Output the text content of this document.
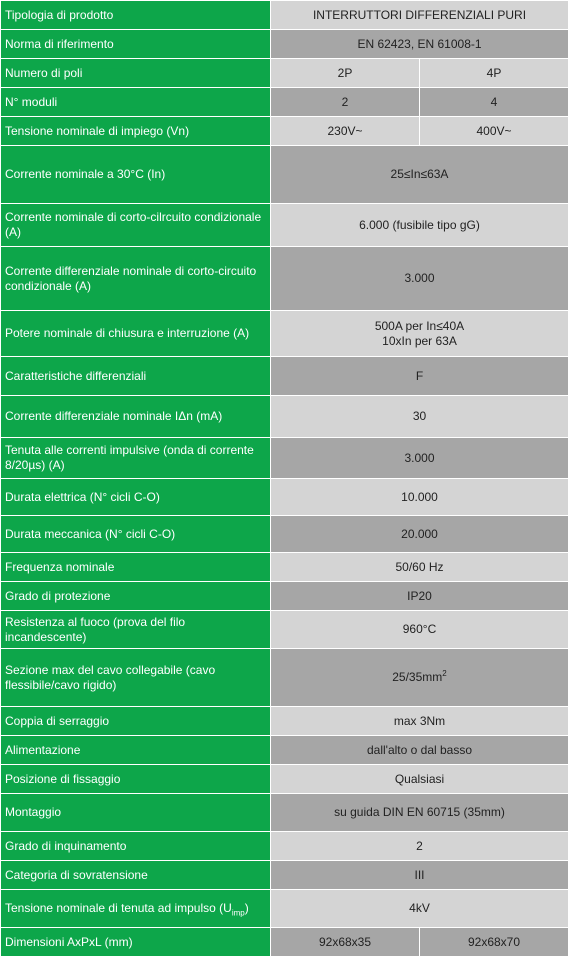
Tipologia di prodotto	INTERRUTTORI DIFFERENZIALI PURI	
Norma di riferimento	EN 62423, EN 61008-1	
Numero di poli	2P	4P
N° moduli	2	4
Tensione nominale di impiego (Vn)	230V~	400V~
Corrente nominale a 30°C (In)	25≤In≤63A	
Corrente nominale di corto-cilrcuito condizionale (A)	6.000 (fusibile tipo gG)	
Corrente differenziale nominale di corto-circuito condizionale (A)	3.000	
Potere nominale di chiusura e interruzione (A)	500A per In≤40A
10xIn per 63A	
Caratteristiche differenziali	F	
Corrente differenziale nominale IΔn (mA)	30	
Tenuta alle correnti impulsive (onda di corrente 8/20µs) (A)	3.000	
Durata elettrica (N° cicli C-O)	10.000	
Durata meccanica (N° cicli C-O)	20.000	
Frequenza nominale	50/60 Hz	
Grado di protezione	IP20	
Resistenza al fuoco (prova del filo incandescente)	960°C	
Sezione max del cavo collegabile (cavo flessibile/cavo rigido)	$25/35mm^2$
Coppia di serraggio	max 3Nm	
Alimentazione	dall'alto o dal basso	
Posizione di fissaggio	Qualsiasi	
Montaggio	su guida DIN EN 60715 (35mm)	
Grado di inquinamento	2	
Categoria di sovratensione	III	
Tensione nominale di tenuta ad impulso $(U_{imp})$	4kV	
Dimensioni AxPxL (mm)	92x68x35	92x68x70
